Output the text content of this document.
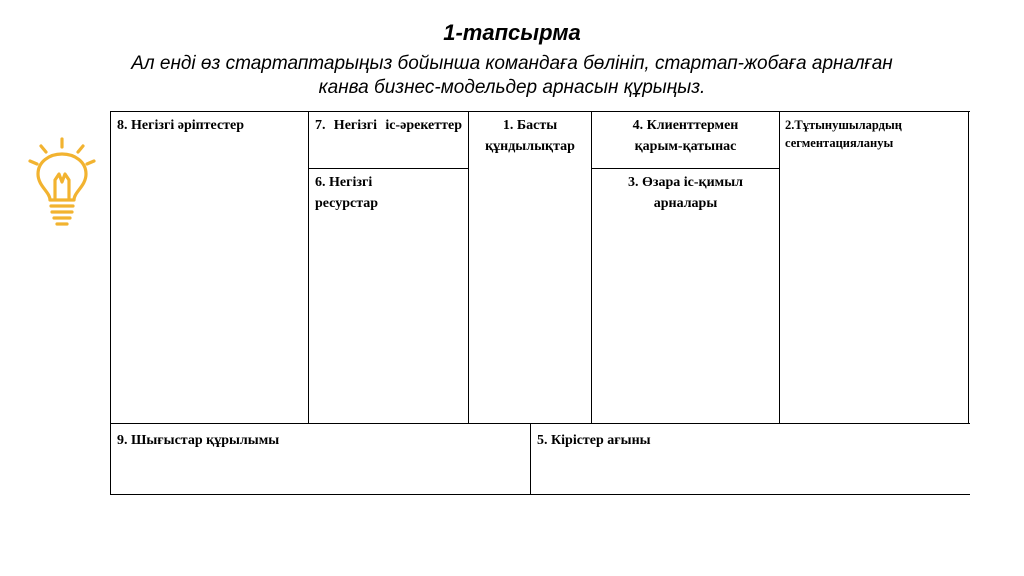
1-тапсырма
Ал енді өз стартаптарыңыз бойынша командаға бөлініп, стартап-жобаға арналған
канва бизнес-модельдер арнасын құрыңыз.
8. Негізгі әріптестер	7. Негізгі іс-әрекеттер
6. Негізгі
ресурстар
1. Басты
құндылықтар
4. Клиенттермен
қарым-қатынас
3. Өзара іс-қимыл
арналары
2.Тұтынушылардың
сегментациялануы
9. Шығыстар құрылымы	5. Кірістер ағыны
